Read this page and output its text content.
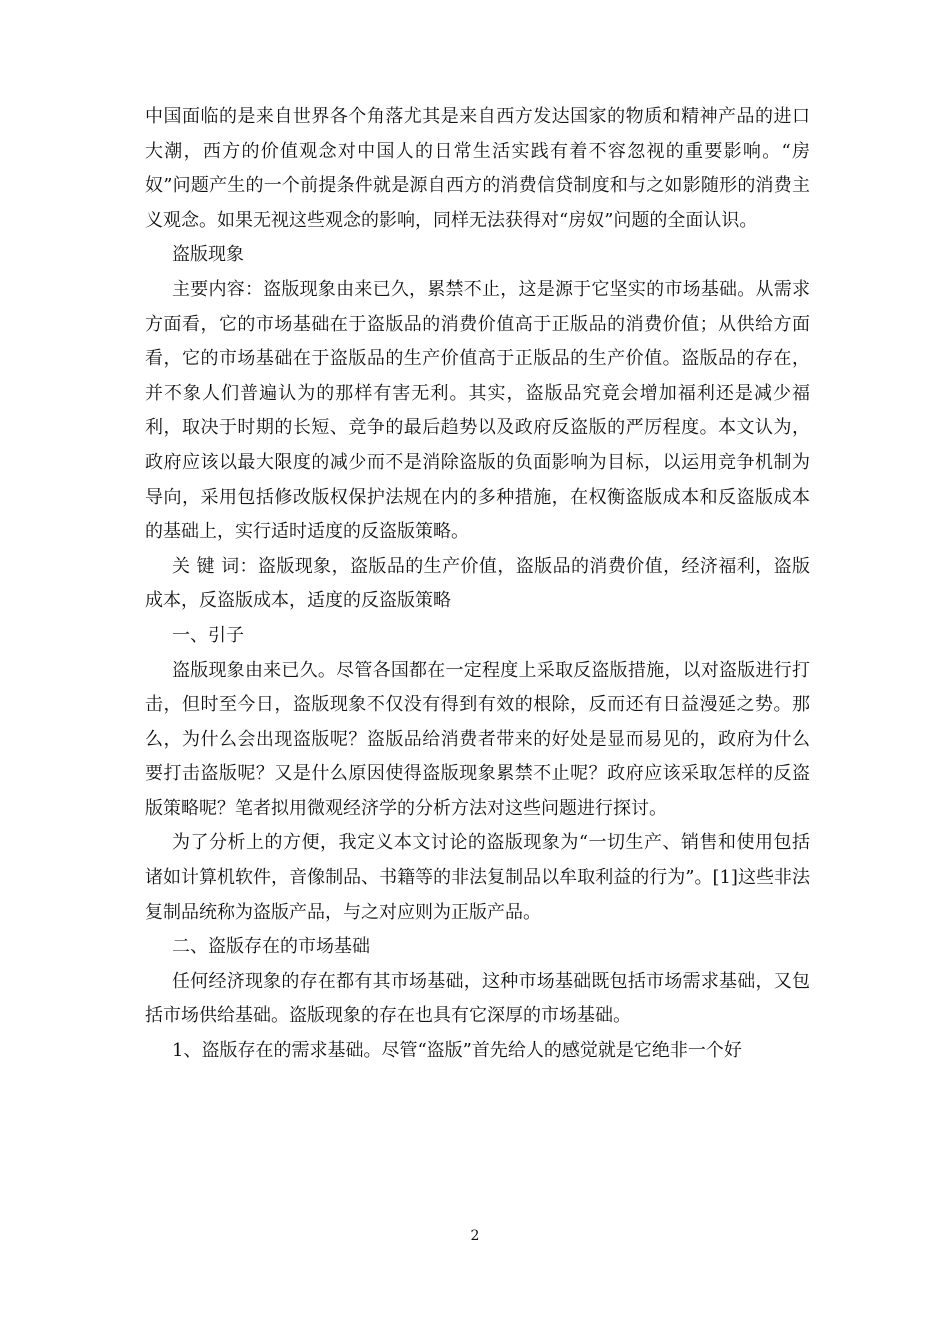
中国面临的是来自世界各个角落尤其是来自西方发达国家的物质和精神产品的进口大潮，西方的价值观念对中国人的日常生活实践有着不容忽视的重要影响。“房奴”问题产生的一个前提条件就是源自西方的消费信贷制度和与之如影随形的消费主义观念。如果无视这些观念的影响，同样无法获得对“房奴”问题的全面认识。

盗版现象

主要内容：盗版现象由来已久，累禁不止，这是源于它坚实的市场基础。从需求方面看，它的市场基础在于盗版品的消费价值高于正版品的消费价值；从供给方面看，它的市场基础在于盗版品的生产价值高于正版品的生产价值。盗版品的存在，并不象人们普遍认为的那样有害无利。其实，盗版品究竟会增加福利还是减少福利，取决于时期的长短、竞争的最后趋势以及政府反盗版的严厉程度。本文认为，政府应该以最大限度的减少而不是消除盗版的负面影响为目标，以运用竞争机制为导向，采用包括修改版权保护法规在内的多种措施，在权衡盗版成本和反盗版成本的基础上，实行适时适度的反盗版策略。

关 键 词：盗版现象，盗版品的生产价值，盗版品的消费价值，经济福利，盗版成本，反盗版成本，适度的反盗版策略

一、引子

盗版现象由来已久。尽管各国都在一定程度上采取反盗版措施，以对盗版进行打击，但时至今日，盗版现象不仅没有得到有效的根除，反而还有日益漫延之势。那么，为什么会出现盗版呢？盗版品给消费者带来的好处是显而易见的，政府为什么要打击盗版呢？又是什么原因使得盗版现象累禁不止呢？政府应该采取怎样的反盗版策略呢？笔者拟用微观经济学的分析方法对这些问题进行探讨。

为了分析上的方便，我定义本文讨论的盗版现象为“一切生产、销售和使用包括诸如计算机软件，音像制品、书籍等的非法复制品以牟取利益的行为”。[1]这些非法复制品统称为盗版产品，与之对应则为正版产品。

二、盗版存在的市场基础

任何经济现象的存在都有其市场基础，这种市场基础既包括市场需求基础，又包括市场供给基础。盗版现象的存在也具有它深厚的市场基础。

1、盗版存在的需求基础。尽管“盗版”首先给人的感觉就是它绝非一个好

2
